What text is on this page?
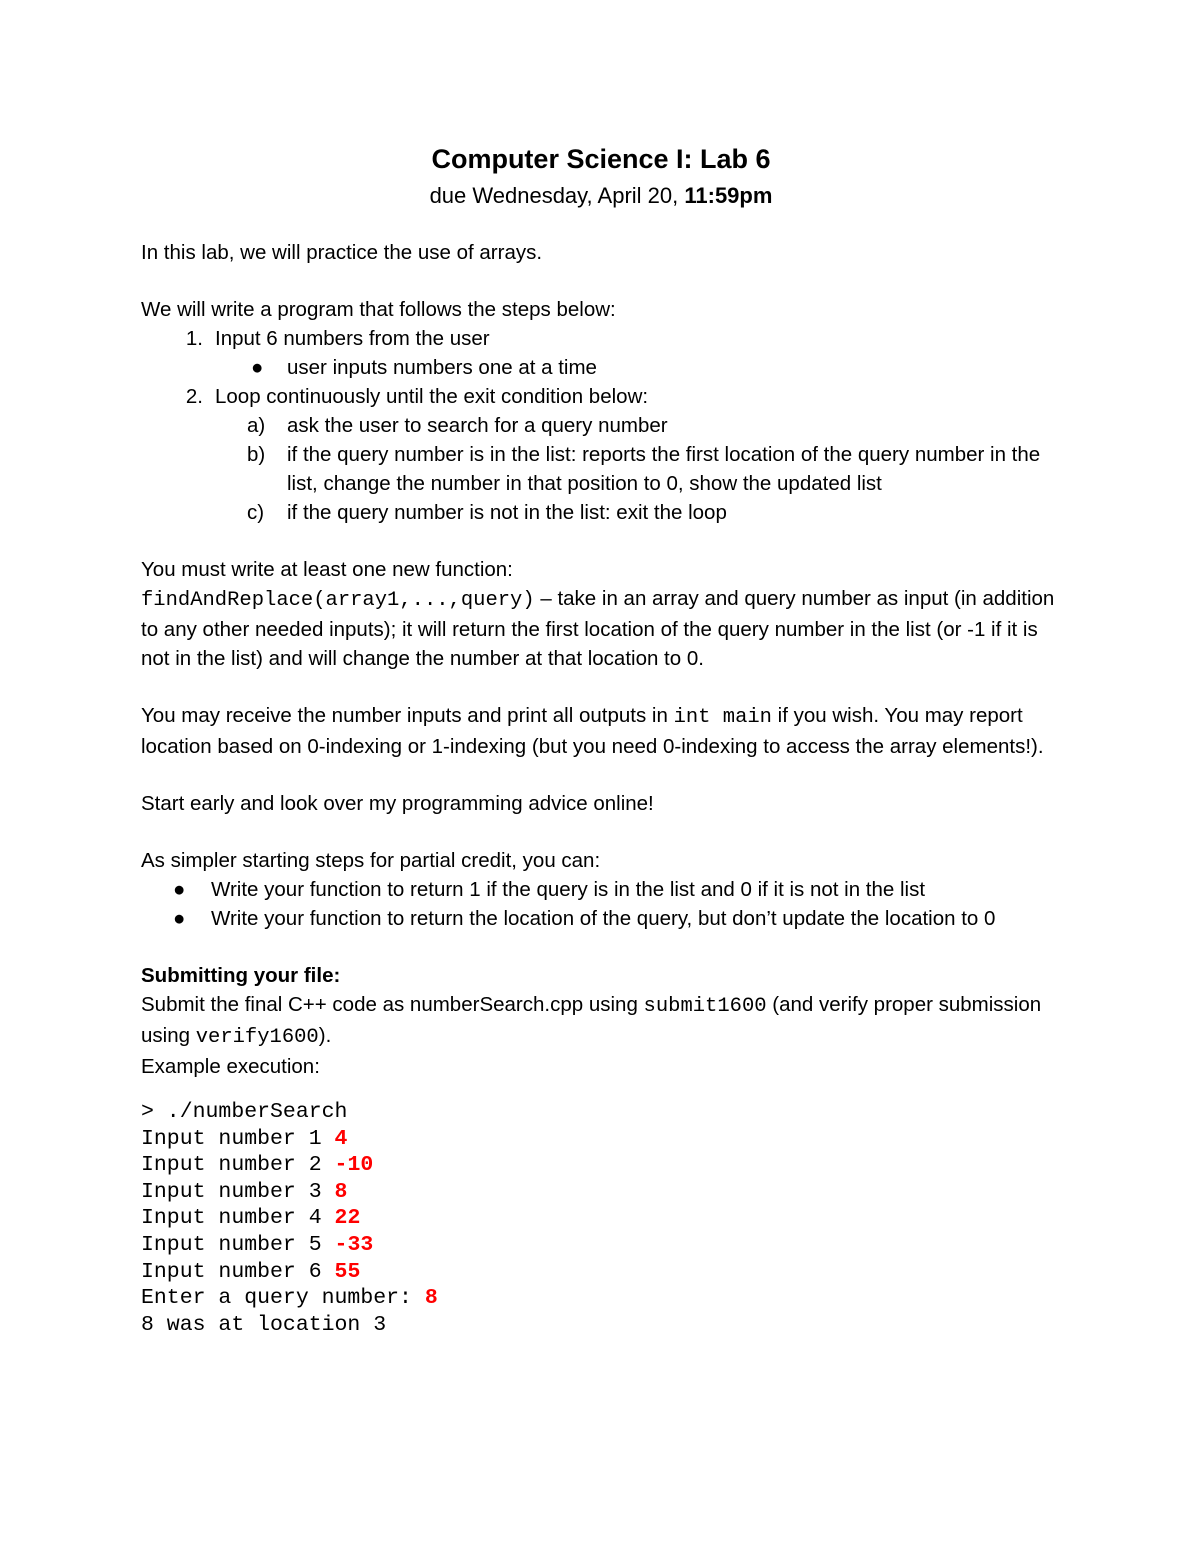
Computer Science I: Lab 6
due Wednesday, April 20, 11:59pm

In this lab, we will practice the use of arrays.

We will write a program that follows the steps below:

1. Input 6 numbers from the user
●	user inputs numbers one at a time
2. Loop continuously until the exit condition below:
a)	ask the user to search for a query number
b)	if the query number is in the list: reports the first location of the query number in the list, change the number in that position to 0, show the updated list
c)	if the query number is not in the list: exit the loop

You must write at least one new function:

findAndReplace(array1,...,query) – take in an array and query number as input (in addition to any other needed inputs); it will return the first location of the query number in the list (or -1 if it is not in the list) and will change the number at that location to 0.

You may receive the number inputs and print all outputs in int main if you wish. You may report location based on 0-indexing or 1-indexing (but you need 0-indexing to access the array elements!).

Start early and look over my programming advice online!

As simpler starting steps for partial credit, you can:

●	Write your function to return 1 if the query is in the list and 0 if it is not in the list
●	Write your function to return the location of the query, but don’t update the location to 0

Submitting your file:

Submit the final C++ code as numberSearch.cpp using submit1600 (and verify proper submission using verify1600).

Example execution:

> ./numberSearch
Input number 1 4
Input number 2 -10
Input number 3 8
Input number 4 22
Input number 5 -33
Input number 6 55
Enter a query number: 8
8 was at location 3
